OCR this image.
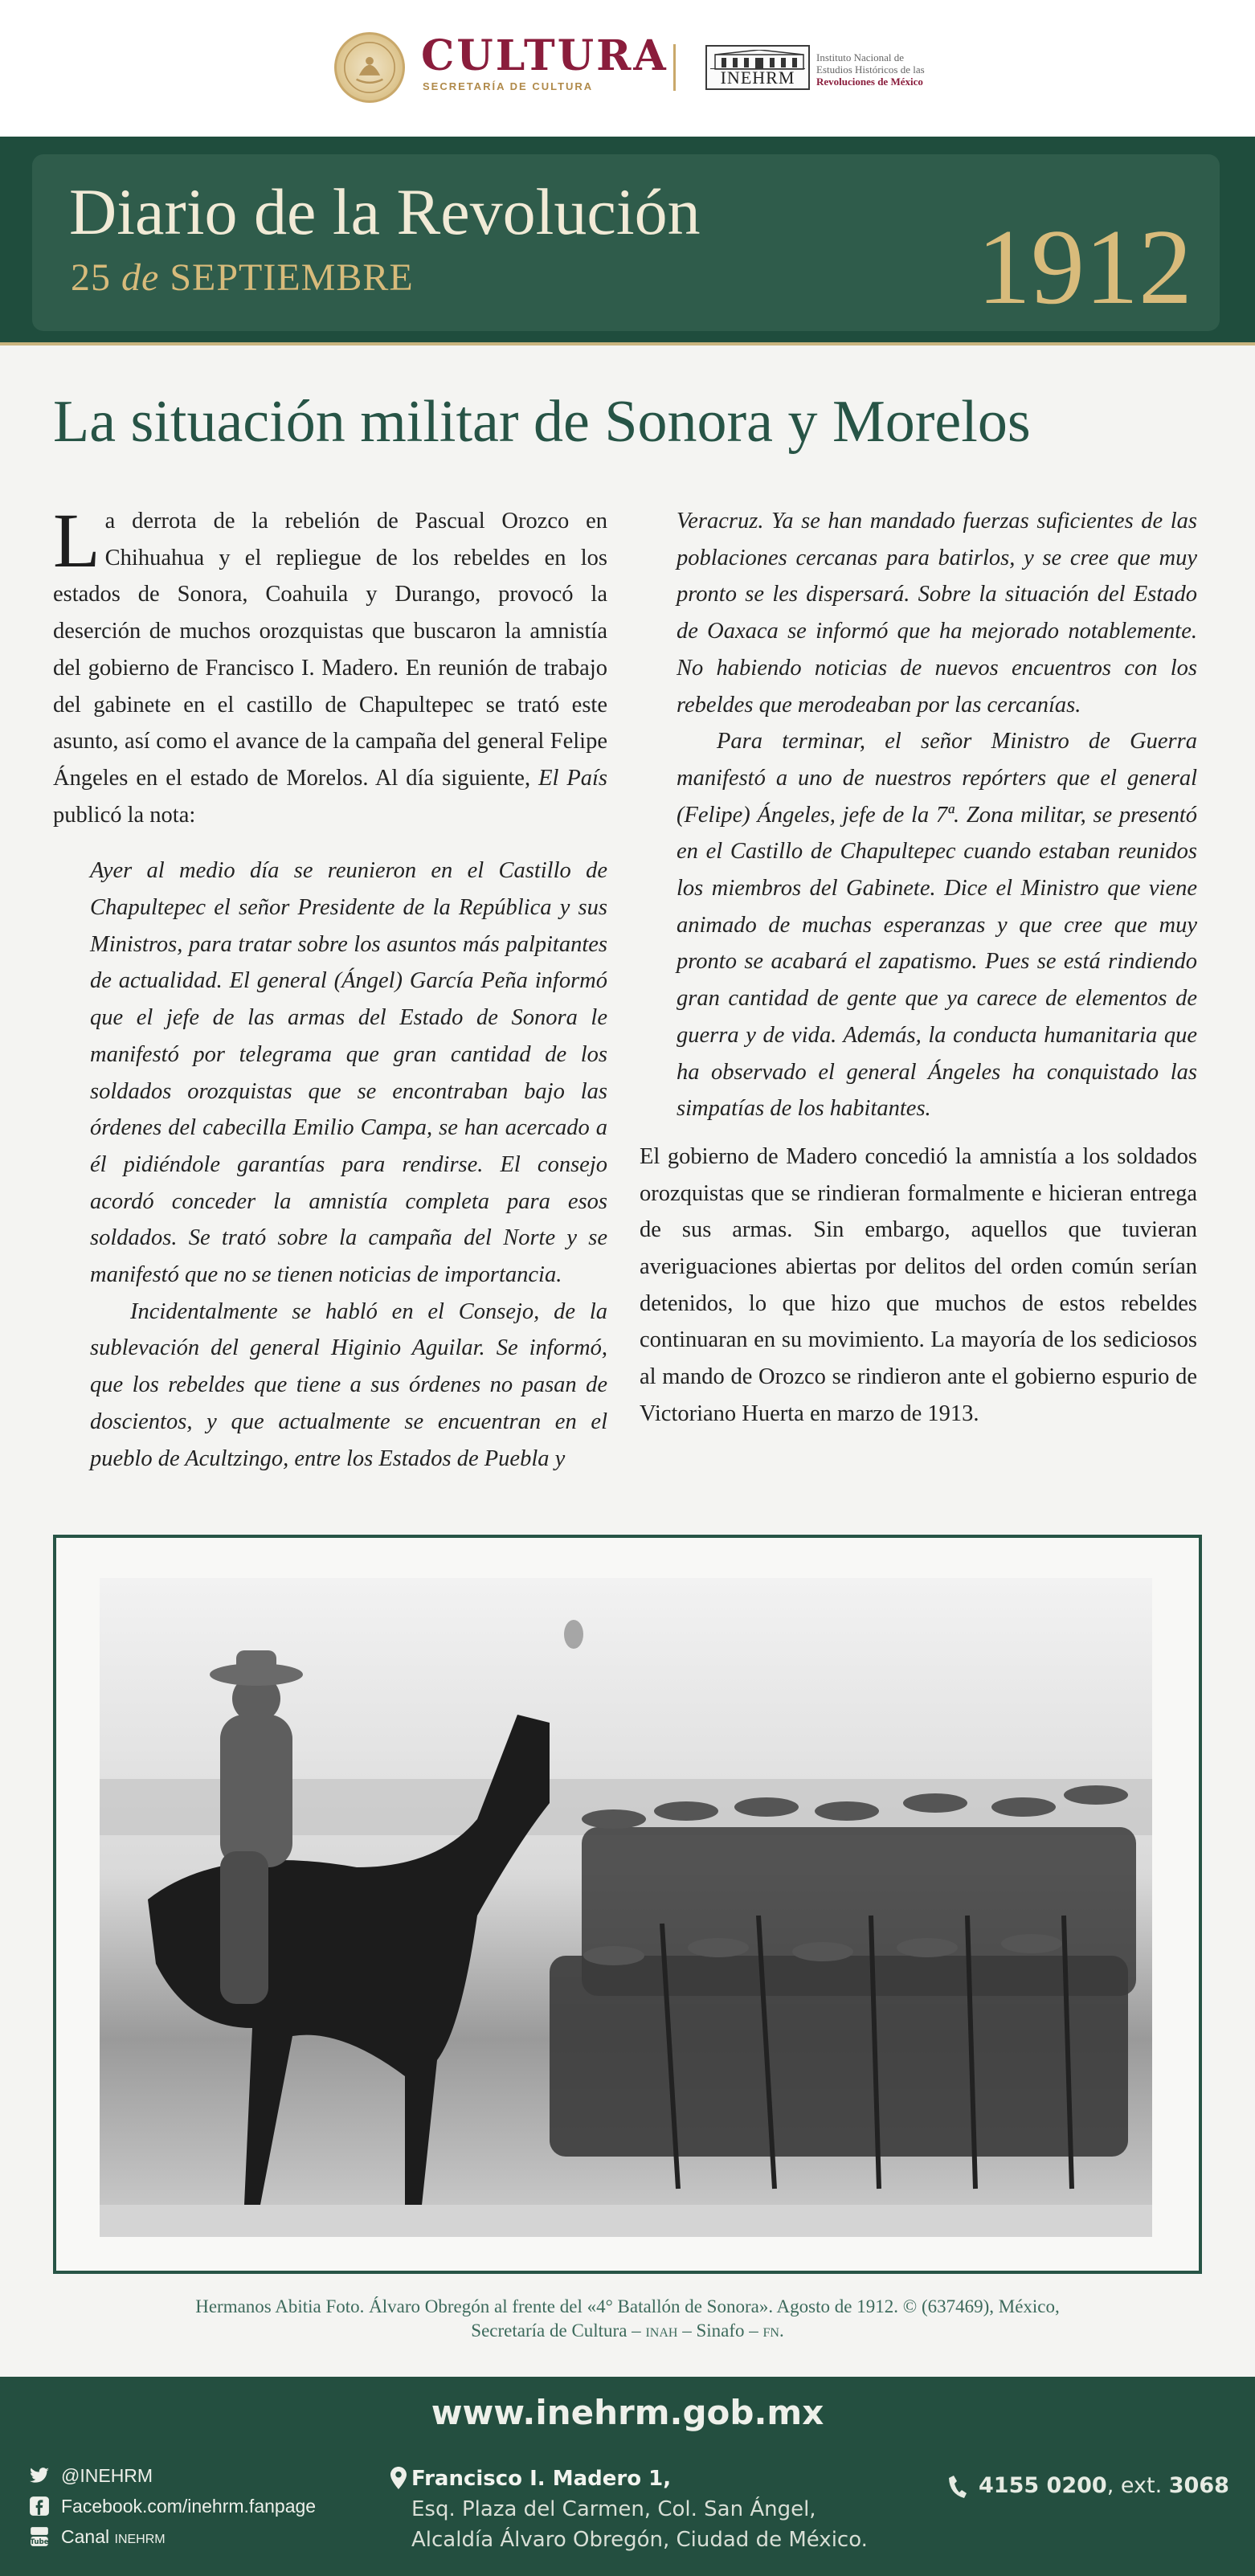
CULTURA
SECRETARÍA DE CULTURA	INEHRM
Instituto Nacional de
Estudios Históricos de las
Revoluciones de México
Diario de la Revolución
25 de SEPTIEMBRE	1912
La situación militar de Sonora y Morelos

La derrota de la rebelión de Pascual Orozco en Chihuahua y el repliegue de los rebeldes en los estados de Sonora, Coahuila y Durango, provocó la deserción de muchos orozquistas que buscaron la amnistía del gobierno de Francisco I. Madero. En reunión de trabajo del gabinete en el castillo de Chapultepec se trató este asunto, así como el avance de la campaña del general Felipe Ángeles en el estado de Morelos. Al día siguiente, El País publicó la nota:

Ayer al medio día se reunieron en el Castillo de Chapultepec el señor Presidente de la República y sus Ministros, para tratar sobre los asuntos más palpitantes de actualidad. El general (Ángel) García Peña informó que el jefe de las armas del Estado de Sonora le manifestó por telegrama que gran cantidad de los soldados orozquistas que se encontraban bajo las órdenes del cabecilla Emilio Campa, se han acercado a él pidiéndole garantías para rendirse. El consejo acordó conceder la amnistía completa para esos soldados. Se trató sobre la campaña del Norte y se manifestó que no se tienen noticias de importancia.

Incidentalmente se habló en el Consejo, de la sublevación del general Higinio Aguilar. Se informó, que los rebeldes que tiene a sus órdenes no pasan de doscientos, y que actualmente se encuentran en el pueblo de Acultzingo, entre los Estados de Puebla y

Veracruz. Ya se han mandado fuerzas suficientes de las poblaciones cercanas para batirlos, y se cree que muy pronto se les dispersará. Sobre la situación del Estado de Oaxaca se informó que ha mejorado notablemente. No habiendo noticias de nuevos encuentros con los rebeldes que merodeaban por las cercanías.

Para terminar, el señor Ministro de Guerra manifestó a uno de nuestros repórters que el general (Felipe) Ángeles, jefe de la 7ª. Zona militar, se presentó en el Castillo de Chapultepec cuando estaban reunidos los miembros del Gabinete. Dice el Ministro que viene animado de muchas esperanzas y que cree que muy pronto se acabará el zapatismo. Pues se está rindiendo gran cantidad de gente que ya carece de elementos de guerra y de vida. Además, la conducta humanitaria que ha observado el general Ángeles ha conquistado las simpatías de los habitantes.

El gobierno de Madero concedió la amnistía a los soldados orozquistas que se rindieran formalmente e hicieran entrega de sus armas. Sin embargo, aquellos que tuvieran averiguaciones abiertas por delitos del orden común serían detenidos, lo que hizo que muchos de estos rebeldes continuaran en su movimiento. La mayoría de los sediciosos al mando de Orozco se rindieron ante el gobierno espurio de Victoriano Huerta en marzo de 1913.

Hermanos Abitia Foto. Álvaro Obregón al frente del «4° Batallón de Sonora». Agosto de 1912. © (637469), México,
Secretaría de Cultura – inah – Sinafo – fn.
www.inehrm.gob.mx
@INEHRM
Facebook.com/inehrm.fanpage
Tube Canal
inehrm
Francisco I. Madero 1,
Esq. Plaza del Carmen, Col. San Ángel,
Alcaldía Álvaro Obregón, Ciudad de México.
4155 0200, ext. 3068
